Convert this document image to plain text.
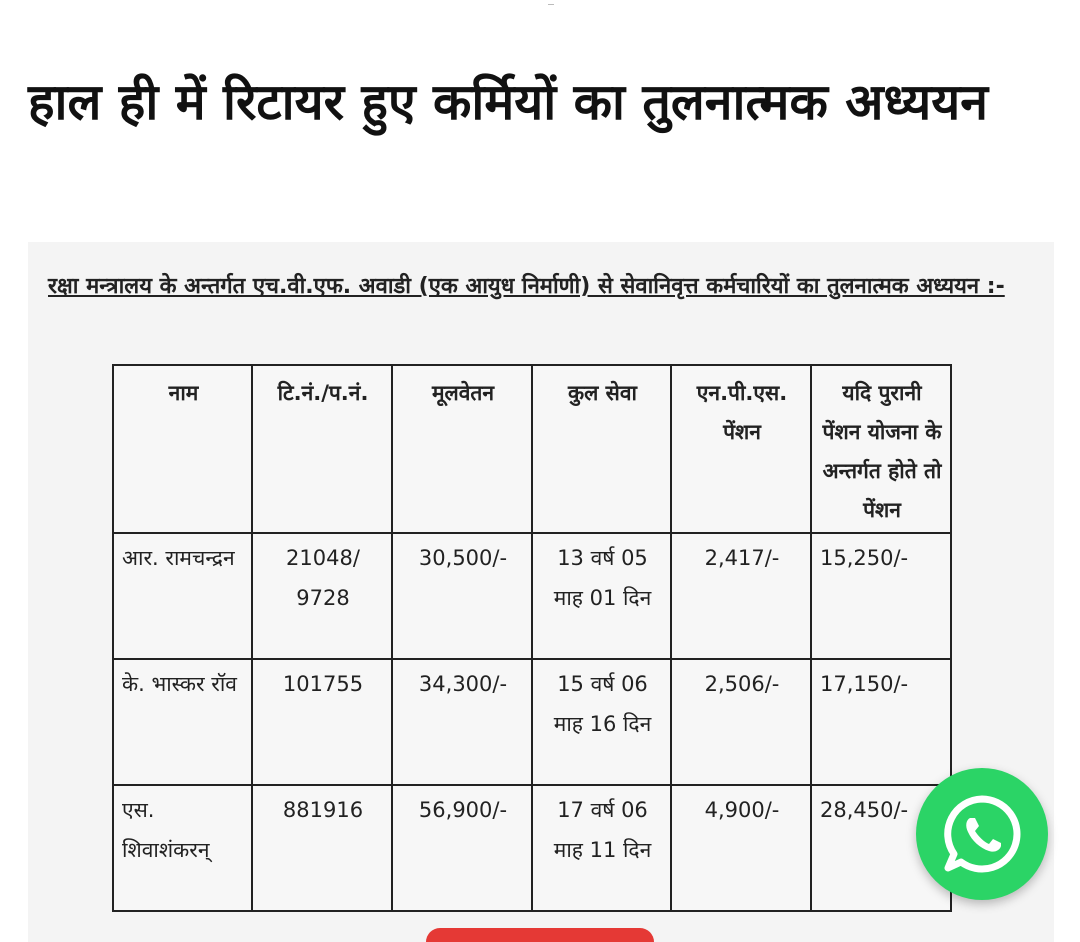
हाल ही में रिटायर हुए कर्मियों का तुलनात्मक अध्ययन

रक्षा मन्त्रालय के अन्तर्गत एच.वी.एफ. अवाडी (एक आयुध निर्माणी) से सेवानिवृत्त कर्मचारियों का तुलनात्मक अध्ययन :-

नाम	टि.नं./प.नं.	मूलवेतन	कुल सेवा	एन.पी.एस. पेंशन	यदि पुरानी पेंशन योजना के अन्तर्गत होते तो पेंशन
आर. रामचन्द्रन	21048/ 9728	30,500/-	13 वर्ष 05 माह 01 दिन	2,417/-	15,250/-
के. भास्कर रॉव	101755	34,300/-	15 वर्ष 06 माह 16 दिन	2,506/-	17,150/-
एस. शिवाशंकरन्	881916	56,900/-	17 वर्ष 06 माह 11 दिन	4,900/-	28,450/-
